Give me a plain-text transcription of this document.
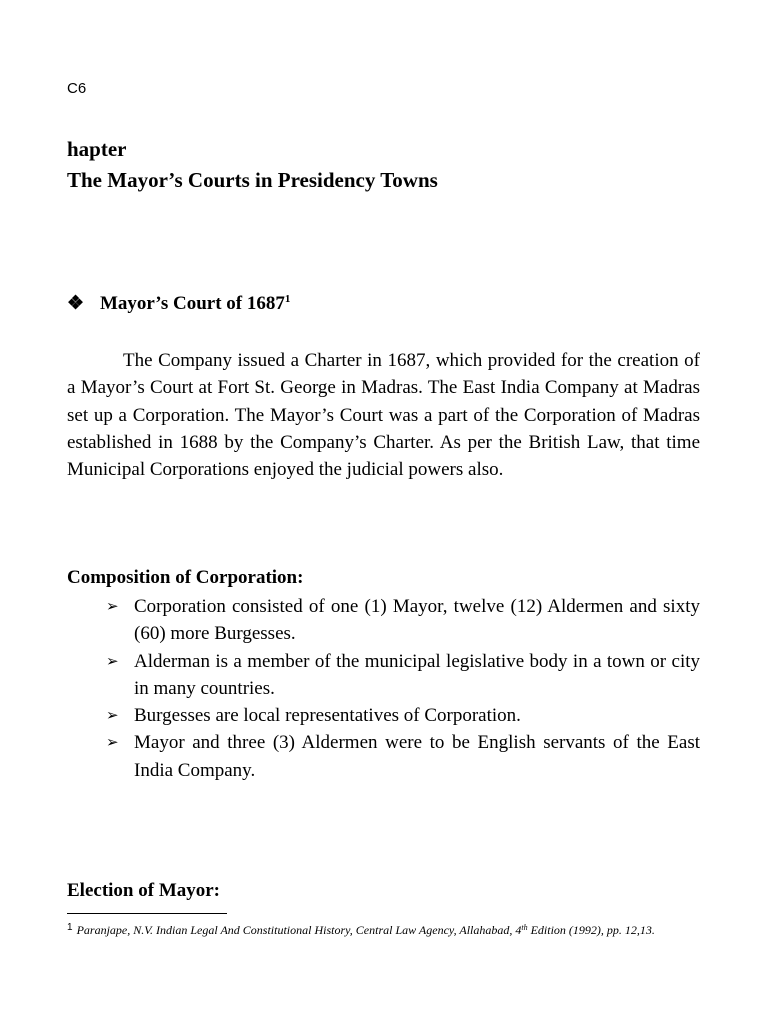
C6
hapter
The Mayor’s Courts in Presidency Towns
❖ Mayor’s Court of 1687$^1$

The Company issued a Charter in 1687, which provided for the creation of a Mayor’s Court at Fort St. George in Madras. The East India Company at Madras set up a Corporation. The Mayor’s Court was a part of the Corporation of Madras established in 1688 by the Company’s Charter. As per the British Law, that time Municipal Corporations enjoyed the judicial powers also.

Composition of Corporation:
➢ Corporation consisted of one (1) Mayor, twelve (12) Aldermen and sixty (60) more Burgesses.
➢ Alderman is a member of the municipal legislative body in a town or city in many countries.
➢ Burgesses are local representatives of Corporation.
➢ Mayor and three (3) Aldermen were to be English servants of the East India Company.
Election of Mayor:
$^1$ Paranjape, N.V. Indian Legal And Constitutional History, Central Law Agency, Allahabad, 4th Edition (1992), pp. 12,13.
